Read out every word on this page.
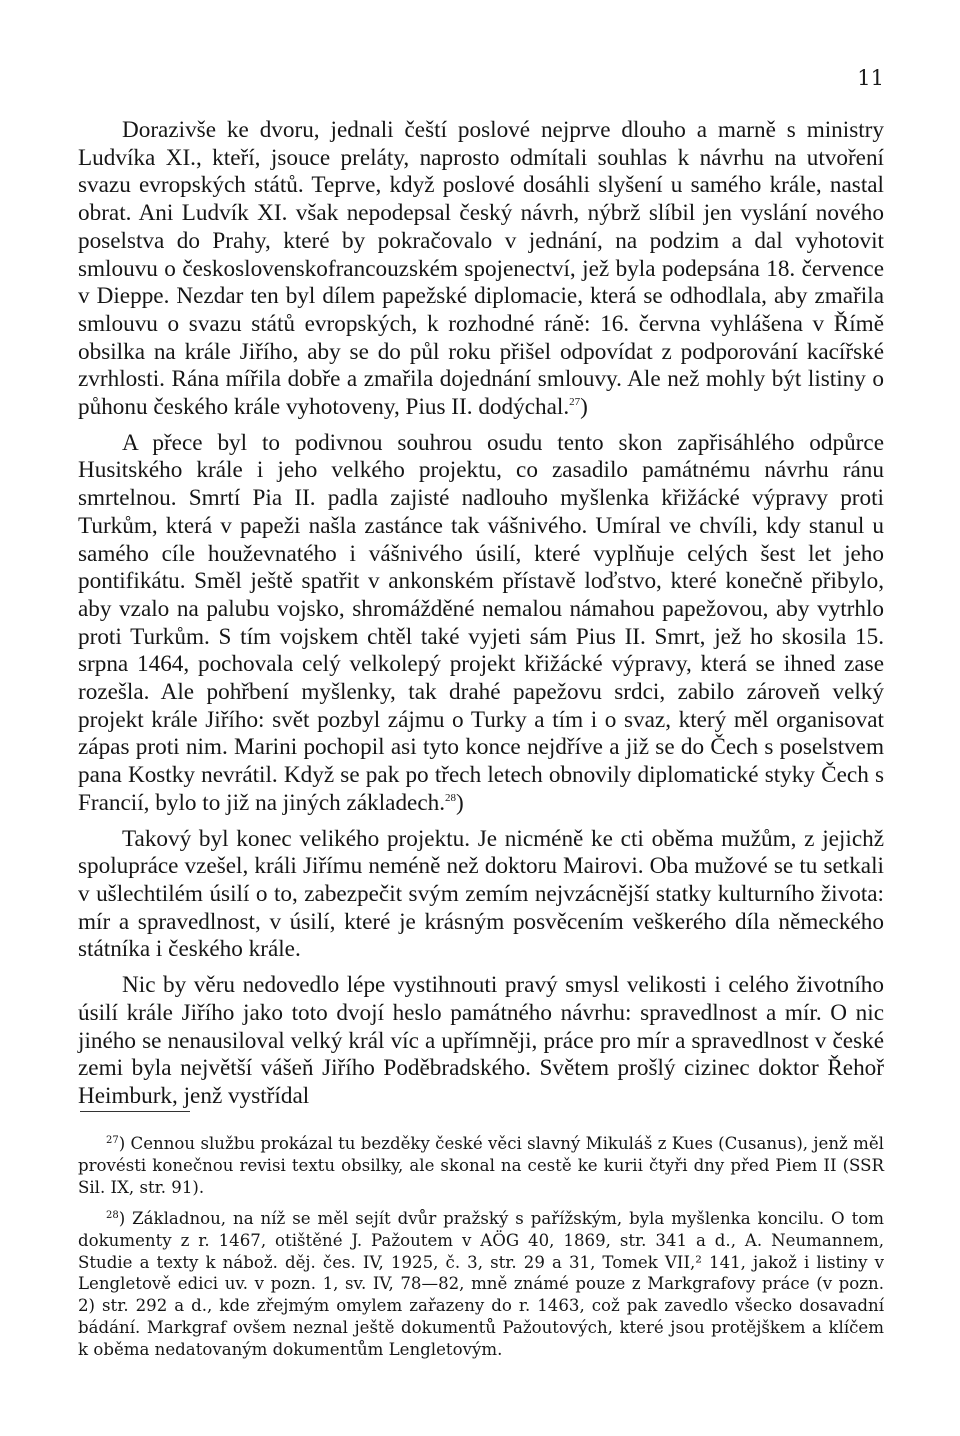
11

Dorazivše ke dvoru, jednali čeští poslové nejprve dlouho a marně s ministry Ludvíka XI., kteří, jsouce preláty, naprosto odmítali souhlas k návrhu na utvoření svazu evropských států. Teprve, když poslové dosáhli slyšení u samého krále, nastal obrat. Ani Ludvík XI. však nepodepsal český návrh, nýbrž slíbil jen vyslání nového poselstva do Prahy, které by pokračovalo v jednání, na podzim a dal vyhotovit smlouvu o československofrancouzském spojenectví, jež byla podepsána 18. července v Dieppe. Nezdar ten byl dílem papežské diplomacie, která se odhodlala, aby zmařila smlouvu o svazu států evropských, k rozhodné ráně: 16. června vyhlášena v Římě obsilka na krále Jiřího, aby se do půl roku přišel odpovídat z podporování kacířské zvrhlosti. Rána mířila dobře a zmařila dojednání smlouvy. Ale než mohly být listiny o půhonu českého krále vyhotoveny, Pius II. dodýchal.$^{27}$)

A přece byl to podivnou souhrou osudu tento skon zapřisáhlého odpůrce Husitského krále i jeho velkého projektu, co zasadilo památnému návrhu ránu smrtelnou. Smrtí Pia II. padla zajisté nadlouho myšlenka křižácké výpravy proti Turkům, která v papeži našla zastánce tak vášnivého. Umíral ve chvíli, kdy stanul u samého cíle houževnatého i vášnivého úsilí, které vyplňuje celých šest let jeho pontifikátu. Směl ještě spatřit v ankonském přístavě loďstvo, které konečně přibylo, aby vzalo na palubu vojsko, shromážděné nemalou námahou papežovou, aby vytrhlo proti Turkům. S tím vojskem chtěl také vyjeti sám Pius II. Smrt, jež ho skosila 15. srpna 1464, pochovala celý velkolepý projekt křižácké výpravy, která se ihned zase rozešla. Ale pohřbení myšlenky, tak drahé papežovu srdci, zabilo zároveň velký projekt krále Jiřího: svět pozbyl zájmu o Turky a tím i o svaz, který měl organisovat zápas proti nim. Marini pochopil asi tyto konce nejdříve a již se do Čech s poselstvem pana Kostky nevrátil. Když se pak po třech letech obnovily diplomatické styky Čech s Francií, bylo to již na jiných základech.$^{28}$)

Takový byl konec velikého projektu. Je nicméně ke cti oběma mužům, z jejichž spolupráce vzešel, králi Jiřímu neméně než doktoru Mairovi. Oba mužové se tu setkali v ušlechtilém úsilí o to, zabezpečit svým zemím nejvzácnější statky kulturního života: mír a spravedlnost, v úsilí, které je krásným posvěcením veškerého díla německého státníka i českého krále.

Nic by věru nedovedlo lépe vystihnouti pravý smysl velikosti i celého životního úsilí krále Jiřího jako toto dvojí heslo památného návrhu: spravedlnost a mír. O nic jiného se nenausiloval velký král víc a upřímněji, práce pro mír a spravedlnost v české zemi byla největší vášeň Jiřího Poděbradského. Světem prošlý cizinec doktor Řehoř Heimburk, jenž vystřídal

$^{27}$) Cennou službu prokázal tu bezděky české věci slavný Mikuláš z Kues (Cusanus), jenž měl provésti konečnou revisi textu obsilky, ale skonal na cestě ke kurii čtyři dny před Piem II (SSR Sil. IX, str. 91).

$^{28}$) Základnou, na níž se měl sejít dvůr pražský s pařížským, byla myšlenka koncilu. O tom dokumenty z r. 1467, otištěné J. Pažoutem v AÖG 40, 1869, str. 341 a d., A. Neumannem, Studie a texty k nábož. děj. čes. IV, 1925, č. 3, str. 29 a 31, Tomek VII,² 141, jakož i listiny v Lengletově edici uv. v pozn. 1, sv. IV, 78—82, mně známé pouze z Markgrafovy práce (v pozn. 2) str. 292 a d., kde zřejmým omylem zařazeny do r. 1463, což pak zavedlo všecko dosavadní bádání. Markgraf ovšem neznal ještě dokumentů Pažoutových, které jsou protějškem a klíčem k oběma nedatovaným dokumentům Lengletovým.
